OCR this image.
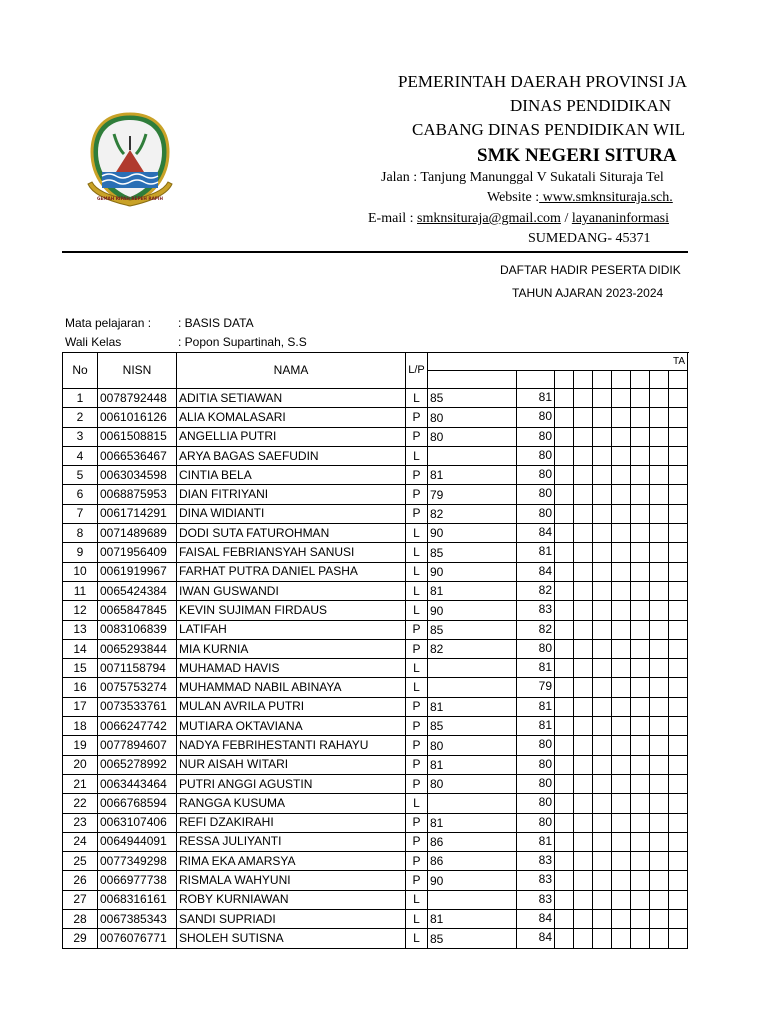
GEMAH RIPAH REPEH RAPIH
PEMERINTAH DAERAH PROVINSI JA
DINAS PENDIDIKAN
CABANG DINAS PENDIDIKAN WIL
SMK NEGERI SITURA
Jalan : Tanjung Manunggal V Sukatali Situraja Tel
Website : www.smknsituraja.sch.
E-mail : smknsituraja@gmail.com / layananinformasi
SUMEDANG- 45371
DAFTAR HADIR PESERTA DIDIK
TAHUN AJARAN 2023-2024
Mata pelajaran : : BASIS DATA
Wali Kelas	: Popon Supartinah, S.S
No	NISN	NAMA	L/P	TA									

1	0078792448	ADITIA SETIAWAN	L	85	81								
2	0061016126	ALIA KOMALASARI	P	80	80								
3	0061508815	ANGELLIA PUTRI	P	80	80								
4	0066536467	ARYA BAGAS SAEFUDIN	L		80								
5	0063034598	CINTIA BELA	P	81	80								
6	0068875953	DIAN FITRIYANI	P	79	80								
7	0061714291	DINA WIDIANTI	P	82	80								
8	0071489689	DODI SUTA FATUROHMAN	L	90	84								
9	0071956409	FAISAL FEBRIANSYAH SANUSI	L	85	81								
10	0061919967	FARHAT PUTRA DANIEL PASHA	L	90	84								
11	0065424384	IWAN GUSWANDI	L	81	82								
12	0065847845	KEVIN SUJIMAN FIRDAUS	L	90	83								
13	0083106839	LATIFAH	P	85	82								
14	0065293844	MIA KURNIA	P	82	80								
15	0071158794	MUHAMAD HAVIS	L		81								
16	0075753274	MUHAMMAD NABIL ABINAYA	L		79								
17	0073533761	MULAN AVRILA PUTRI	P	81	81								
18	0066247742	MUTIARA OKTAVIANA	P	85	81								
19	0077894607	NADYA FEBRIHESTANTI RAHAYU	P	80	80								
20	0065278992	NUR AISAH WITARI	P	81	80								
21	0063443464	PUTRI ANGGI AGUSTIN	P	80	80								
22	0066768594	RANGGA KUSUMA	L		80								
23	0063107406	REFI DZAKIRAHI	P	81	80								
24	0064944091	RESSA JULIYANTI	P	86	81								
25	0077349298	RIMA EKA AMARSYA	P	86	83								
26	0066977738	RISMALA WAHYUNI	P	90	83								
27	0068316161	ROBY KURNIAWAN	L		83								
28	0067385343	SANDI SUPRIADI	L	81	84								
29	0076076771	SHOLEH SUTISNA	L	85	84								
